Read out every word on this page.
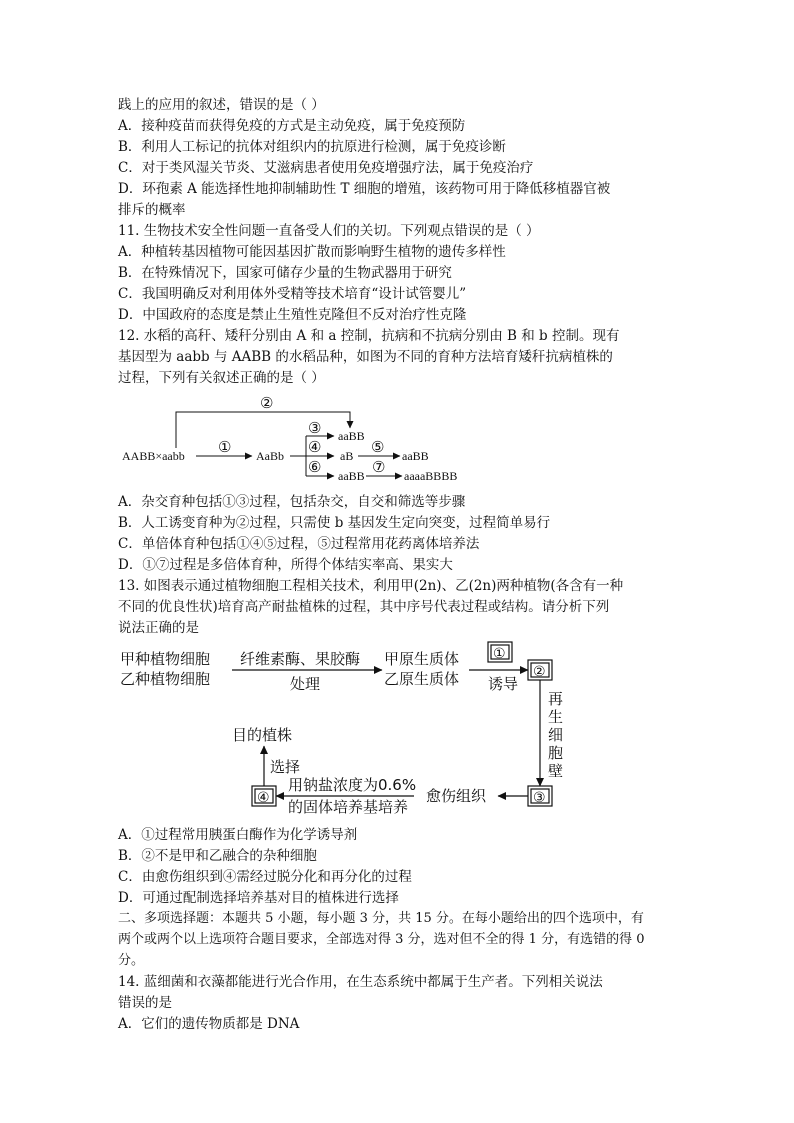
践上的应用的叙述，错误的是（ ）
A．接种疫苗而获得免疫的方式是主动免疫，属于免疫预防
B．利用人工标记的抗体对组织内的抗原进行检测，属于免疫诊断
C．对于类风湿关节炎、艾滋病患者使用免疫增强疗法，属于免疫治疗
D．环孢素 A 能选择性地抑制辅助性 T 细胞的增殖，该药物可用于降低移植器官被
排斥的概率
11. 生物技术安全性问题一直备受人们的关切。下列观点错误的是（ ）
A．种植转基因植物可能因基因扩散而影响野生植物的遗传多样性
B．在特殊情况下，国家可储存少量的生物武器用于研究
C．我国明确反对利用体外受精等技术培育“设计试管婴儿”
D．中国政府的态度是禁止生殖性克隆但不反对治疗性克隆
12. 水稻的高秆、矮秆分别由 A 和 a 控制，抗病和不抗病分别由 B 和 b 控制。现有
基因型为 aabb 与 AABB 的水稻品种，如图为不同的育种方法培育矮秆抗病植株的
过程，下列有关叙述正确的是（ ）
AABB×aabb	AaBb
②
①
③
④
⑥
⑤
⑦
aaBB
aB
aaBB
aaBB
aaaaBBBB
A．杂交育种包括①③过程，包括杂交，自交和筛选等步骤
B．人工诱变育种为②过程，只需使 b 基因发生定向突变，过程简单易行
C．单倍体育种包括①④⑤过程，⑤过程常用花药离体培养法
D．①⑦过程是多倍体育种，所得个体结实率高、果实大
13. 如图表示通过植物细胞工程相关技术，利用甲(2n)、乙(2n)两种植物(各含有一种
不同的优良性状)培育高产耐盐植株的过程，其中序号代表过程或结构。请分析下列
说法正确的是
甲种植物细胞
乙种植物细胞
纤维素酶、果胶酶
处理
甲原生质体
乙原生质体
①
诱导
②
再
生
细
胞
壁
③
愈伤组织
用钠盐浓度为0.6%
的固体培养基培养
④
选择
目的植株
A．①过程常用胰蛋白酶作为化学诱导剂
B．②不是甲和乙融合的杂种细胞
C．由愈伤组织到④需经过脱分化和再分化的过程
D．可通过配制选择培养基对目的植株进行选择
二、多项选择题：本题共 5 小题，每小题 3 分，共 15 分。在每小题给出的四个选项中，有
两个或两个以上选项符合题目要求，全部选对得 3 分，选对但不全的得 1 分，有选错的得 0
分。
14. 蓝细菌和衣藻都能进行光合作用，在生态系统中都属于生产者。下列相关说法
错误的是
A．它们的遗传物质都是 DNA
